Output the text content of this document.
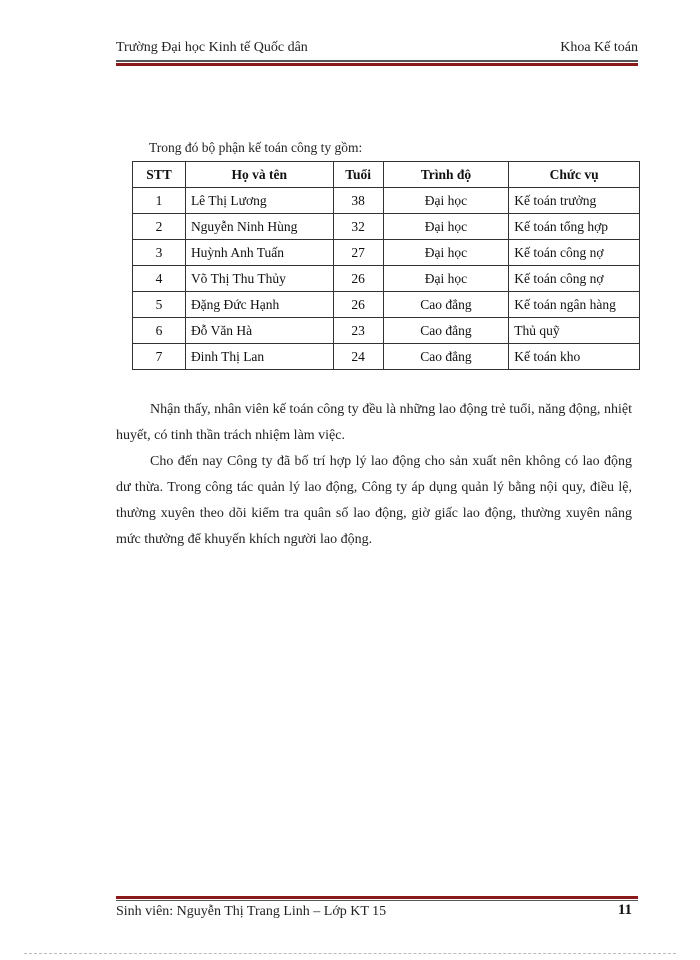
Trường Đại học Kinh tế Quốc dân	Khoa Kế toán
Trong đó bộ phận kế toán công ty gồm:
STT	Họ và tên	Tuổi	Trình độ	Chức vụ
1	Lê Thị Lương	38	Đại học	Kế toán trưởng
2	Nguyễn Ninh Hùng	32	Đại học	Kế toán tổng hợp
3	Huỳnh Anh Tuấn	27	Đại học	Kế toán công nợ
4	Võ Thị Thu Thủy	26	Đại học	Kế toán công nợ
5	Đặng Đức Hạnh	26	Cao đẳng	Kế toán ngân hàng
6	Đỗ Văn Hà	23	Cao đẳng	Thủ quỹ
7	Đinh Thị Lan	24	Cao đẳng	Kế toán kho

Nhận thấy, nhân viên kế toán công ty đều là những lao động trẻ tuổi, năng động, nhiệt huyết, có tinh thần trách nhiệm làm việc.

Cho đến nay Công ty đã bố trí hợp lý lao động cho sản xuất nên không có lao động dư thừa. Trong công tác quản lý lao động, Công ty áp dụng quản lý bằng nội quy, điều lệ, thường xuyên theo dõi kiểm tra quân số lao động, giờ giấc lao động, thường xuyên nâng mức thưởng để khuyến khích người lao động.

Sinh viên: Nguyễn Thị Trang Linh – Lớp KT 15	11
